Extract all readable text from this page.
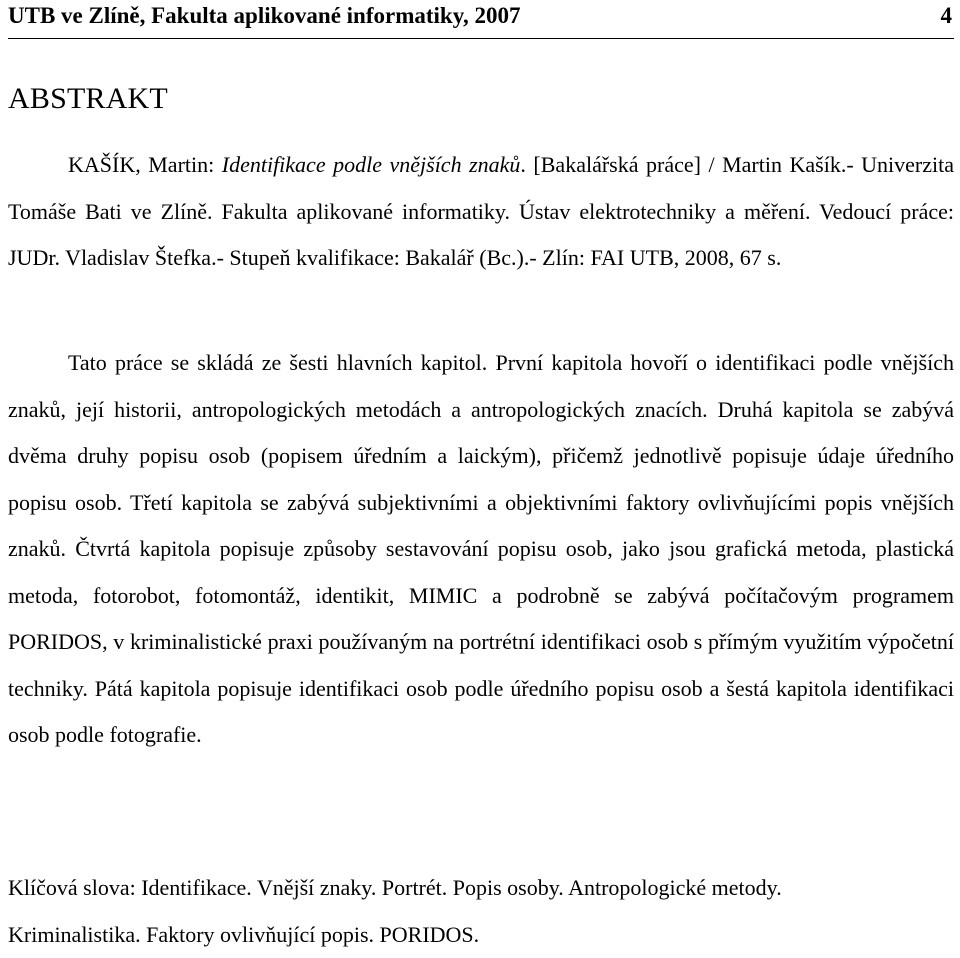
UTB ve Zlíně, Fakulta aplikované informatiky, 2007	4
ABSTRAKT

KAŠÍK, Martin: Identifikace podle vnějších znaků. [Bakalářská práce] / Martin Kašík.- Univerzita Tomáše Bati ve Zlíně. Fakulta aplikované informatiky. Ústav elektrotechniky a měření. Vedoucí práce: JUDr. Vladislav Štefka.- Stupeň kvalifikace: Bakalář (Bc.).- Zlín: FAI UTB, 2008, 67 s.

Tato práce se skládá ze šesti hlavních kapitol. První kapitola hovoří o identifikaci podle vnějších znaků, její historii, antropologických metodách a antropologických znacích. Druhá kapitola se zabývá dvěma druhy popisu osob (popisem úředním a laickým), přičemž jednotlivě popisuje údaje úředního popisu osob. Třetí kapitola se zabývá subjektivními a objektivními faktory ovlivňujícími popis vnějších znaků. Čtvrtá kapitola popisuje způsoby sestavování popisu osob, jako jsou grafická metoda, plastická metoda, fotorobot, fotomontáž, identikit, MIMIC a podrobně se zabývá počítačovým programem PORIDOS, v kriminalistické praxi používaným na portrétní identifikaci osob s přímým využitím výpočetní techniky. Pátá kapitola popisuje identifikaci osob podle úředního popisu osob a šestá kapitola identifikaci osob podle fotografie.

Klíčová slova: Identifikace. Vnější znaky. Portrét. Popis osoby. Antropologické metody.
Kriminalistika. Faktory ovlivňující popis. PORIDOS.
